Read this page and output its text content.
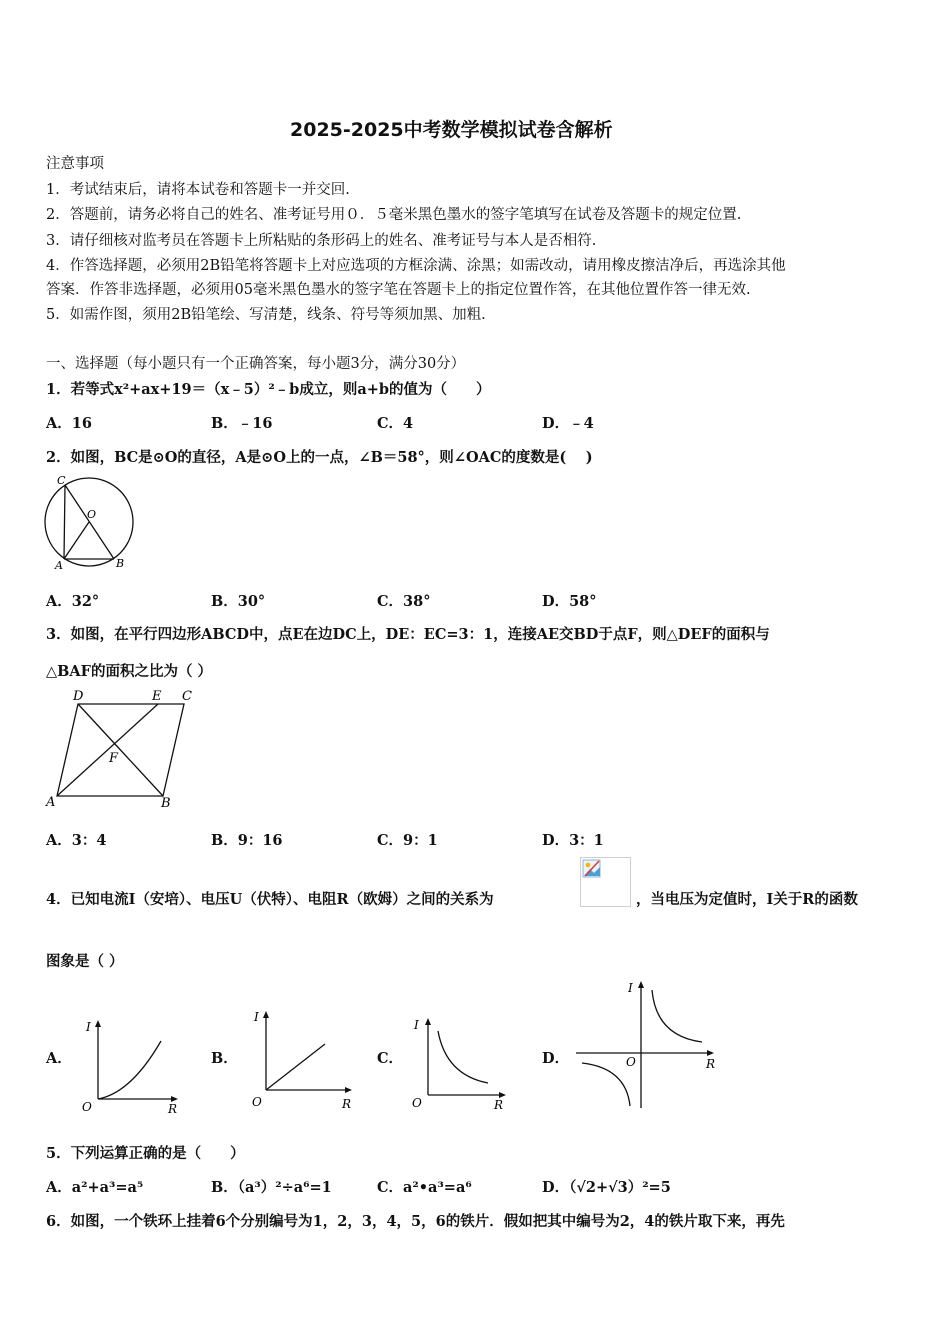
2025-2025中考数学模拟试卷含解析
注意事项
1．考试结束后，请将本试卷和答题卡一并交回.
2．答题前，请务必将自己的姓名、准考证号用０．５毫米黑色墨水的签字笔填写在试卷及答题卡的规定位置.
3．请仔细核对监考员在答题卡上所粘贴的条形码上的姓名、准考证号与本人是否相符.
4．作答选择题，必须用2B铅笔将答题卡上对应选项的方框涂满、涂黑；如需改动，请用橡皮擦洁净后，再选涂其他
答案．作答非选择题，必须用05毫米黑色墨水的签字笔在答题卡上的指定位置作答，在其他位置作答一律无效.
5．如需作图，须用2B铅笔绘、写清楚，线条、符号等须加黑、加粗.
一、选择题（每小题只有一个正确答案，每小题3分，满分30分）
1．若等式x²+ax+19＝（x﹣5）²﹣b成立，则a+b的值为（　　）
A．16	B．﹣16	C．4	D．﹣4
2．如图，BC是⊙O的直径，A是⊙O上的一点，∠B＝58°，则∠OAC的度数是(　 )
C
O
A	B
A．32°	B．30°	C．38°	D．58°
3．如图，在平行四边形ABCD中，点E在边DC上，DE：EC=3：1，连接AE交BD于点F，则△DEF的面积与
△BAF的面积之比为（ ）
D	E C
F
A	B
A．3：4	B．9：16	C．9：1	D．3：1
4．已知电流I（安培）、电压U（伏特）、电阻R（欧姆）之间的关系为	，当电压为定值时，I关于R的函数
图象是（ ）
A．
I
R
O
B．
I
R
O
C．
I
R
O
D．
I
R
O
5．下列运算正确的是（　　）
A．a²+a³=a⁵	B．（a³）²÷a⁶=1	C．a²•a³=a⁶	D．（√2+√3）²=5
6．如图，一个铁环上挂着6个分别编号为1，2，3，4，5，6的铁片．假如把其中编号为2，4的铁片取下来，再先
